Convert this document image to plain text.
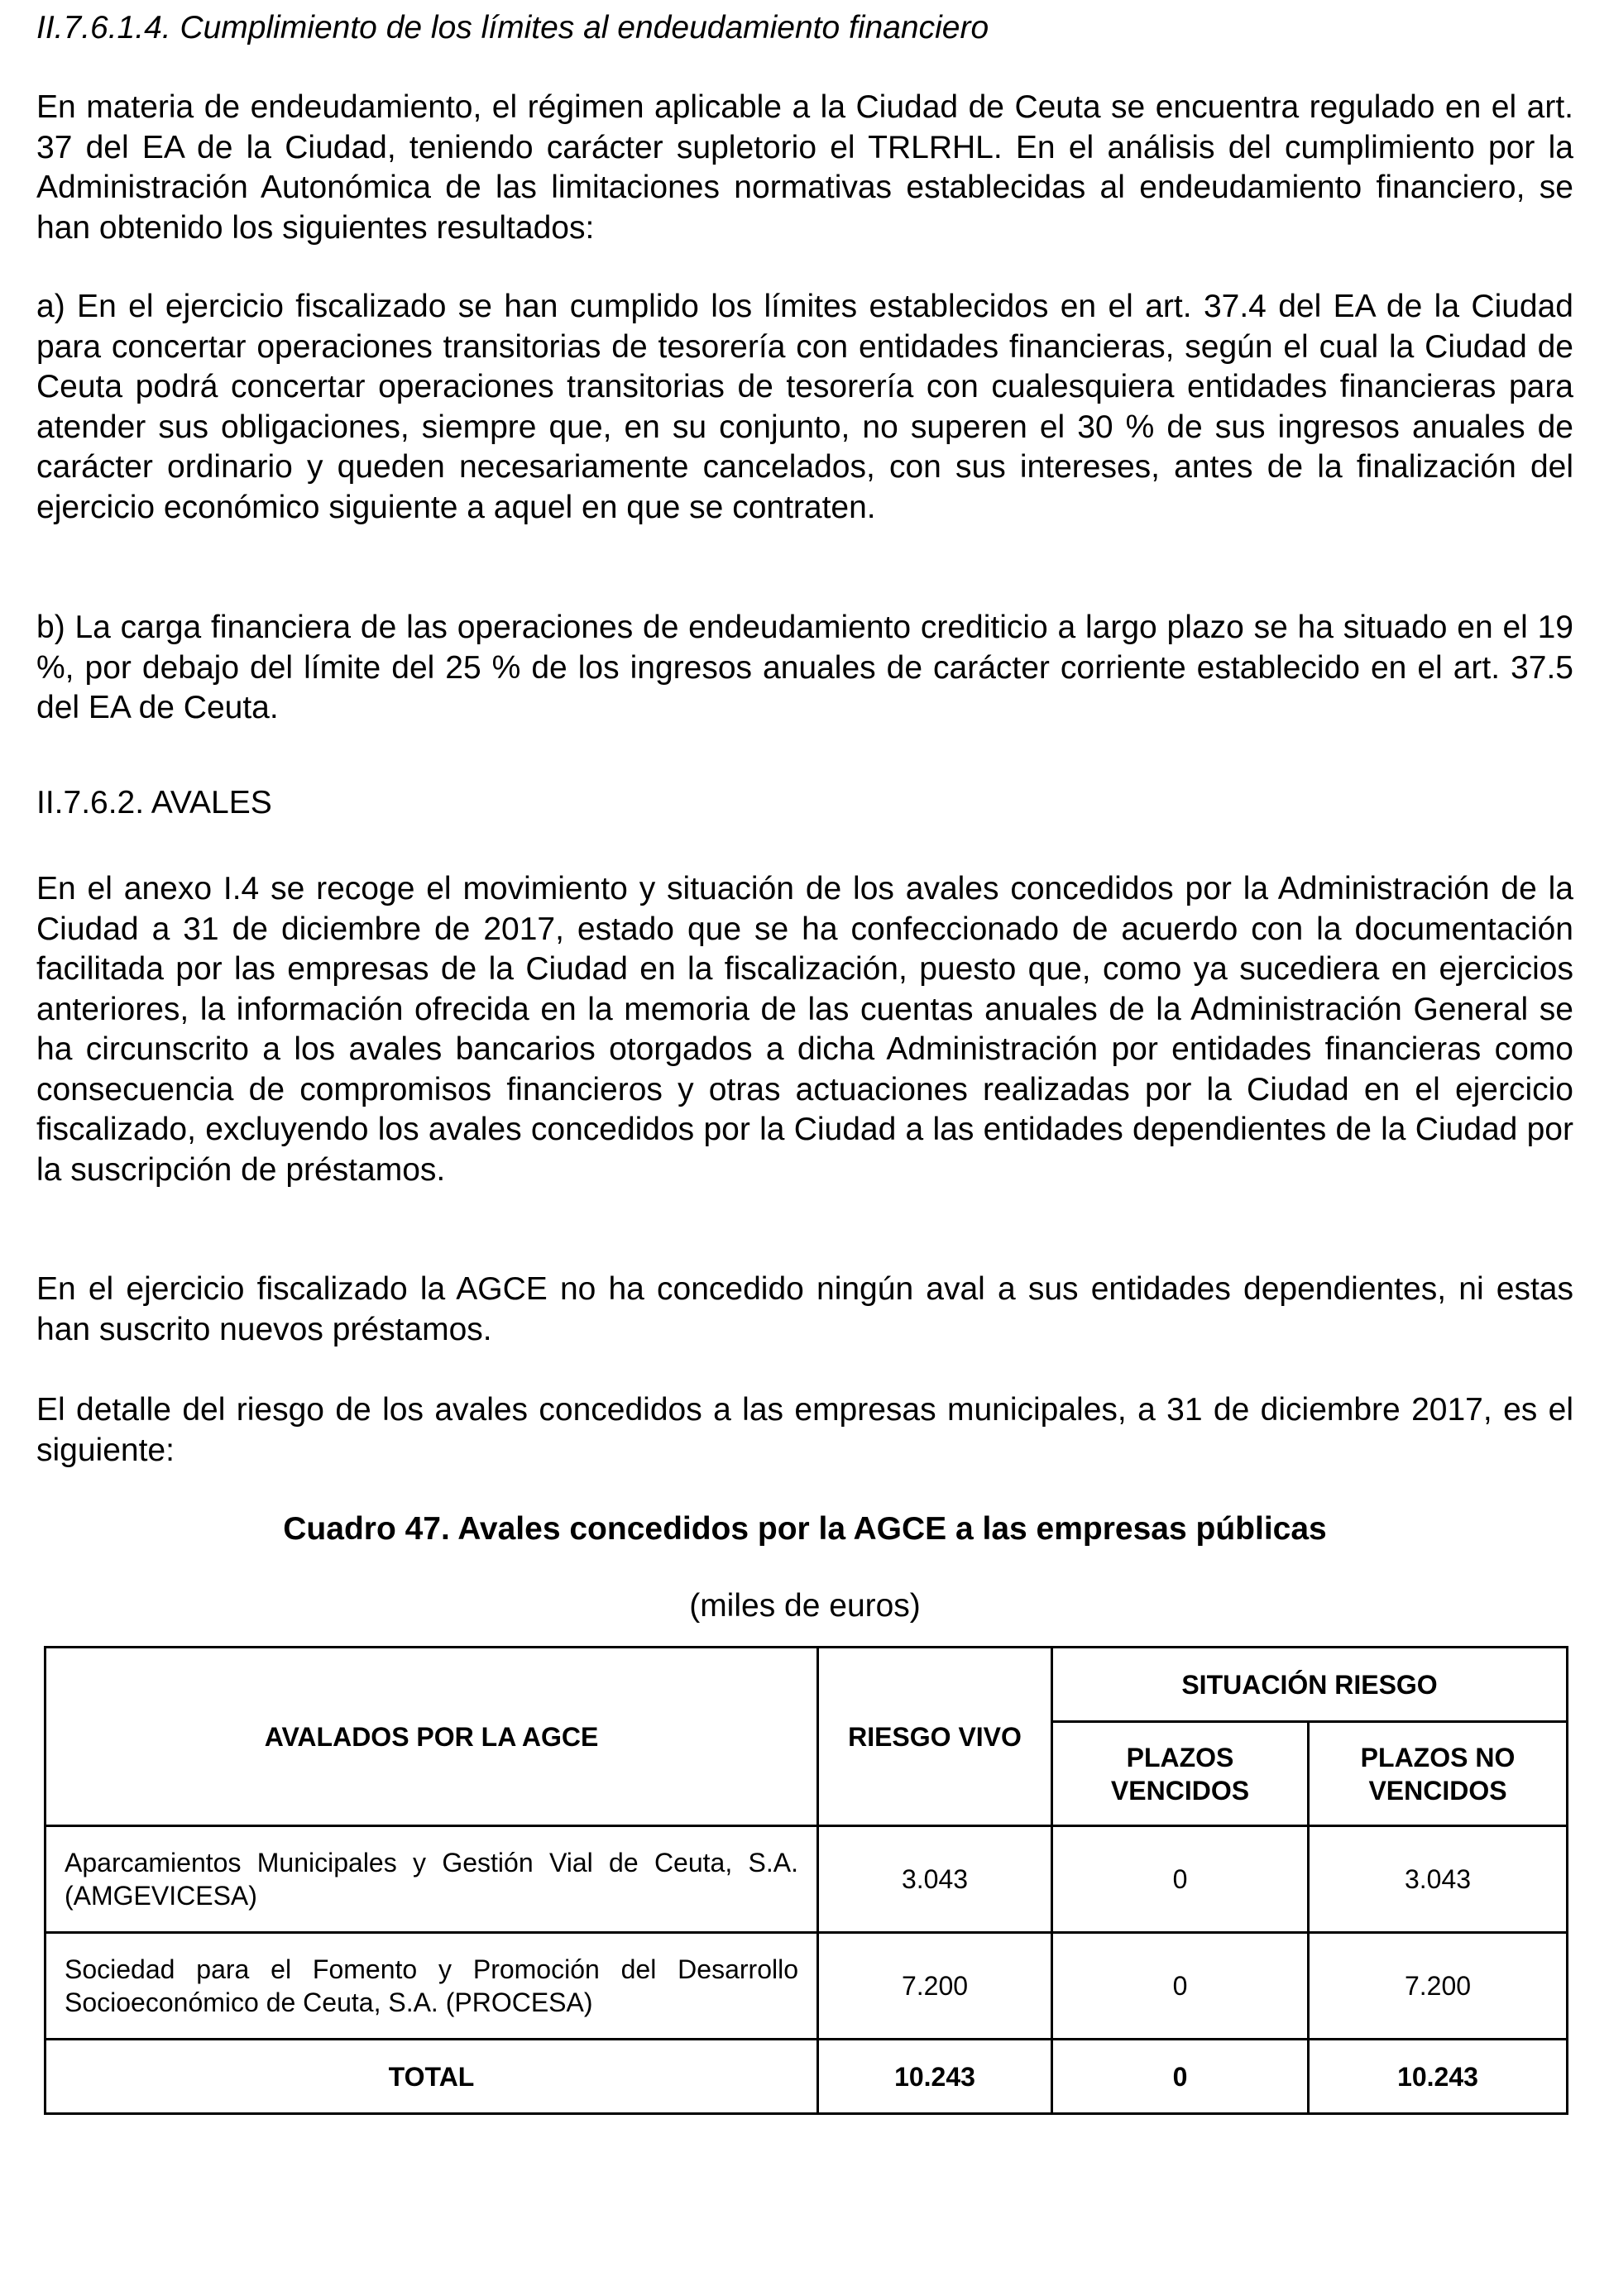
II.7.6.1.4. Cumplimiento de los límites al endeudamiento financiero

En materia de endeudamiento, el régimen aplicable a la Ciudad de Ceuta se encuentra regulado en el art. 37 del EA de la Ciudad, teniendo carácter supletorio el TRLRHL. En el análisis del cumplimiento por la Administración Autonómica de las limitaciones normativas establecidas al endeudamiento financiero, se han obtenido los siguientes resultados:

a) En el ejercicio fiscalizado se han cumplido los límites establecidos en el art. 37.4 del EA de la Ciudad para concertar operaciones transitorias de tesorería con entidades financieras, según el cual la Ciudad de Ceuta podrá concertar operaciones transitorias de tesorería con cualesquiera entidades financieras para atender sus obligaciones, siempre que, en su conjunto, no superen el 30 % de sus ingresos anuales de carácter ordinario y queden necesariamente cancelados, con sus intereses, antes de la finalización del ejercicio económico siguiente a aquel en que se contraten.

b) La carga financiera de las operaciones de endeudamiento crediticio a largo plazo se ha situado en el 19 %, por debajo del límite del 25 % de los ingresos anuales de carácter corriente establecido en el art. 37.5 del EA de Ceuta.

II.7.6.2. AVALES

En el anexo I.4 se recoge el movimiento y situación de los avales concedidos por la Administración de la Ciudad a 31 de diciembre de 2017, estado que se ha confeccionado de acuerdo con la documentación facilitada por las empresas de la Ciudad en la fiscalización, puesto que, como ya sucediera en ejercicios anteriores, la información ofrecida en la memoria de las cuentas anuales de la Administración General se ha circunscrito a los avales bancarios otorgados a dicha Administración por entidades financieras como consecuencia de compromisos financieros y otras actuaciones realizadas por la Ciudad en el ejercicio fiscalizado, excluyendo los avales concedidos por la Ciudad a las entidades dependientes de la Ciudad por la suscripción de préstamos.

En el ejercicio fiscalizado la AGCE no ha concedido ningún aval a sus entidades dependientes, ni estas han suscrito nuevos préstamos.

El detalle del riesgo de los avales concedidos a las empresas municipales, a 31 de diciembre 2017, es el siguiente:

Cuadro 47. Avales concedidos por la AGCE a las empresas públicas

(miles de euros)

AVALADOS POR LA AGCE	RIESGO VIVO	SITUACIÓN RIESGO	
		PLAZOS VENCIDOS	PLAZOS NO VENCIDOS
Aparcamientos Municipales y Gestión Vial de Ceuta, S.A. (AMGEVICESA)	3.043	0	3.043
Sociedad para el Fomento y Promoción del Desarrollo Socioeconómico de Ceuta, S.A. (PROCESA)	7.200	0	7.200
TOTAL	10.243	0	10.243
